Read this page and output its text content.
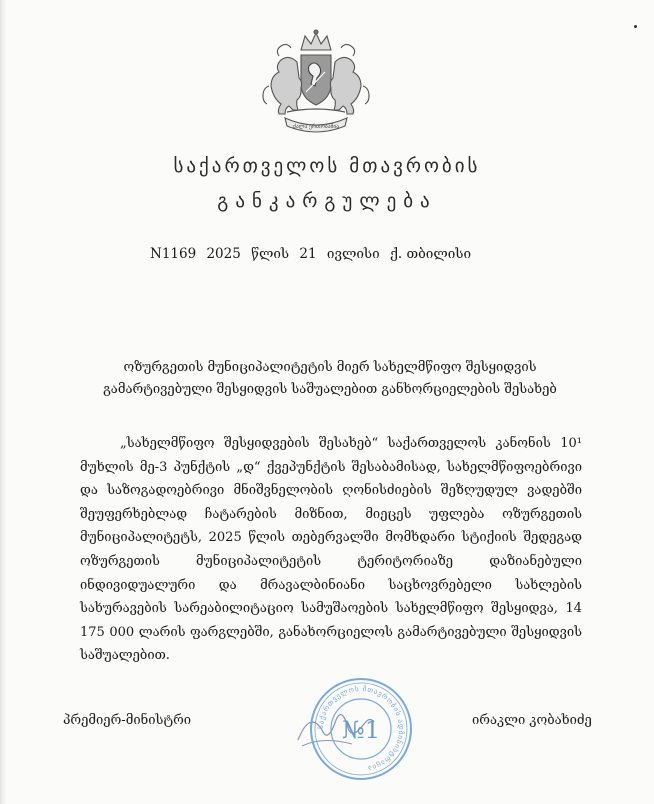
ძალა ერთობაშია
საქართველოს მთავრობის
განკარგულება
N1169 2025 წლის 21 ივლისი ქ. თბილისი
ოზურგეთის მუნიციპალიტეტის მიერ სახელმწიფო შესყიდვის გამარტივებული შესყიდვის საშუალებით განხორციელების შესახებ

„სახელმწიფო შესყიდვების შესახებ“ საქართველოს კანონის 10¹ მუხლის მე-3 პუნქტის „დ“ ქვეპუნქტის შესაბამისად, სახელმწიფოებრივი და საზოგადოებრივი მნიშვნელობის ღონისძიების შეზღუდულ ვადებში შეუფერხებლად ჩატარების მიზნით, მიეცეს უფლება ოზურგეთის მუნიციპალიტეტს, 2025 წლის თებერვალში მომხდარი სტიქიის შედეგად ოზურგეთის მუნიციპალიტეტის ტერიტორიაზე დაზიანებული ინდივიდუალური და მრავალბინიანი საცხოვრებელი სახლების სახურავების სარეაბილიტაციო სამუშაოების სახელმწიფო შესყიდვა, 14 175 000 ლარის ფარგლებში, განახორციელოს გამარტივებული შესყიდვის საშუალებით.

პრემიერ-მინისტრი	საქართველოს მთავრობის ადმინისტრაცია
№1	ირაკლი კობახიძე
